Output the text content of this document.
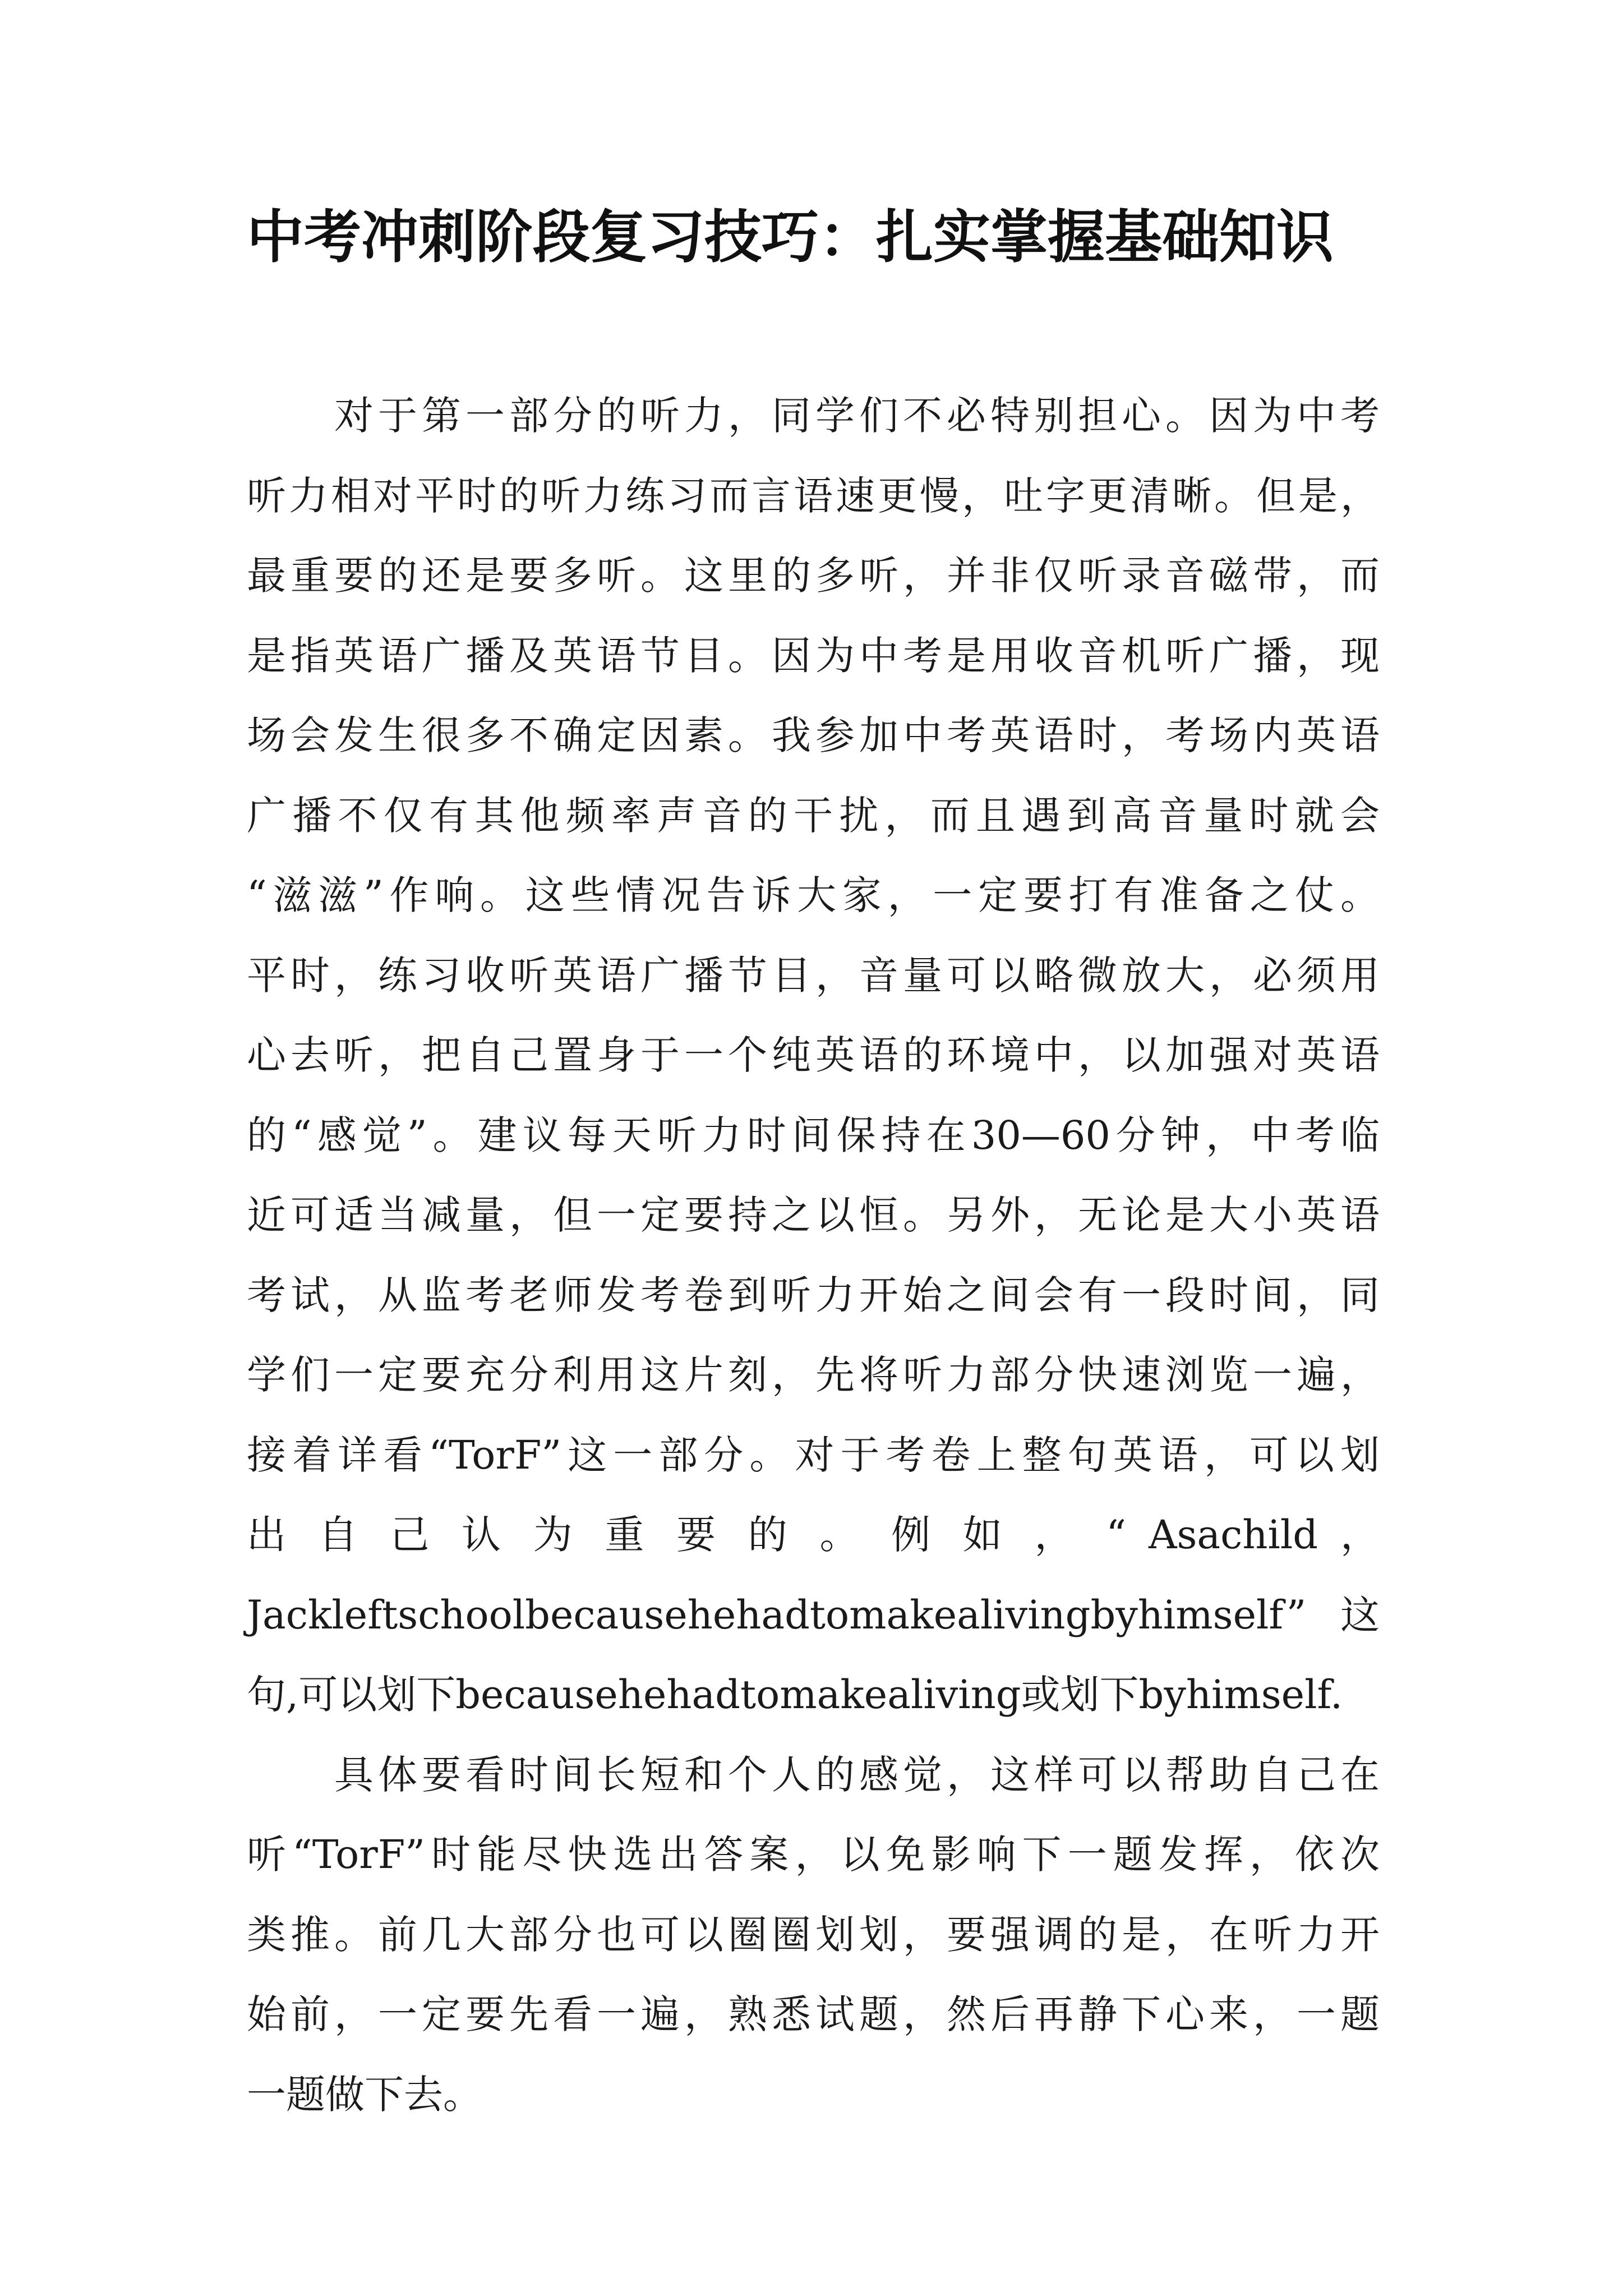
中考冲刺阶段复习技巧：扎实掌握基础知识
　　对于第一部分的听力，同学们不必特别担心。因为中考
听力相对平时的听力练习而言语速更慢，吐字更清晰。但是，
最重要的还是要多听。这里的多听，并非仅听录音磁带，而
是指英语广播及英语节目。因为中考是用收音机听广播，现
场会发生很多不确定因素。我参加中考英语时，考场内英语
广播不仅有其他频率声音的干扰，而且遇到高音量时就会
“滋滋”作响。这些情况告诉大家，一定要打有准备之仗。
平时，练习收听英语广播节目，音量可以略微放大，必须用
心去听，把自己置身于一个纯英语的环境中，以加强对英语
的“感觉”。建议每天听力时间保持在30—60分钟，中考临
近可适当减量，但一定要持之以恒。另外，无论是大小英语
考试，从监考老师发考卷到听力开始之间会有一段时间，同
学们一定要充分利用这片刻，先将听力部分快速浏览一遍，
接着详看“TorF”这一部分。对于考卷上整句英语，可以划
出 自 己 认 为 重 要 的 。 例 如 ， “ Asachild ，
Jackleftschoolbecausehehadtomakealivingbyhimself”这
句,可以划下becausehehadtomakealiving或划下byhimself.
　　具体要看时间长短和个人的感觉，这样可以帮助自己在
听“TorF”时能尽快选出答案，以免影响下一题发挥，依次
类推。前几大部分也可以圈圈划划，要强调的是，在听力开
始前，一定要先看一遍，熟悉试题，然后再静下心来，一题
一题做下去。
